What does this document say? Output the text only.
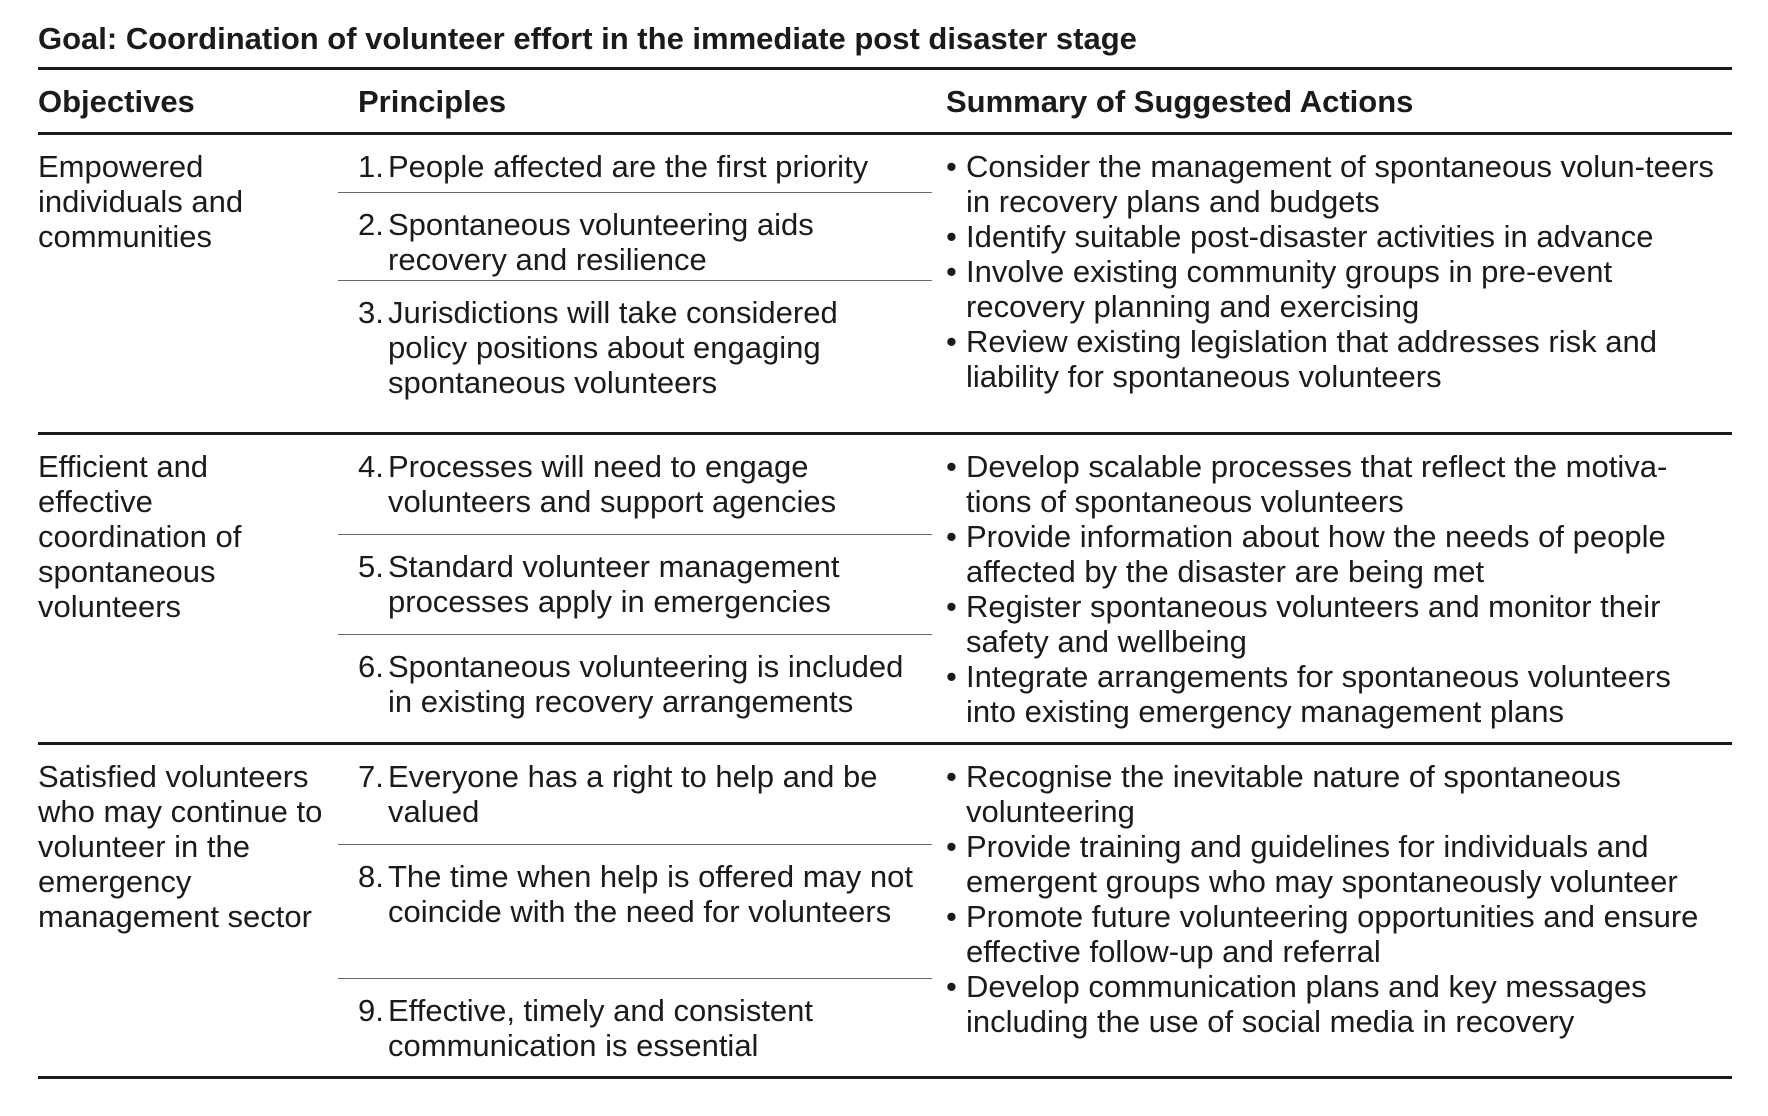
Goal: Coordination of volunteer effort in the immediate post disaster stage
Objectives	Principles	Summary of Suggested Actions
Empowered individuals and communities
1. People affected are the first priority
2. Spontaneous volunteering aids recovery and resilience
3. Jurisdictions will take considered policy positions about engaging spontaneous volunteers
• Consider the management of spontaneous volun-teers in recovery plans and budgets
• Identify suitable post-disaster activities in advance
• Involve existing community groups in pre-event recovery planning and exercising
• Review existing legislation that addresses risk and liability for spontaneous volunteers
Efficient and effective coordination of spontaneous volunteers
4. Processes will need to engage volunteers and support agencies
5. Standard volunteer management processes apply in emergencies
6. Spontaneous volunteering is included in existing recovery arrangements
• Develop scalable processes that reflect the motiva-tions of spontaneous volunteers
• Provide information about how the needs of people affected by the disaster are being met
• Register spontaneous volunteers and monitor their safety and wellbeing
• Integrate arrangements for spontaneous volunteers into existing emergency management plans
Satisfied volunteers who may continue to volunteer in the emergency management sector
7. Everyone has a right to help and be valued
8. The time when help is offered may not coincide with the need for volunteers
9. Effective, timely and consistent communication is essential
• Recognise the inevitable nature of spontaneous volunteering
• Provide training and guidelines for individuals and emergent groups who may spontaneously volunteer
• Promote future volunteering opportunities and ensure effective follow-up and referral
• Develop communication plans and key messages including the use of social media in recovery
